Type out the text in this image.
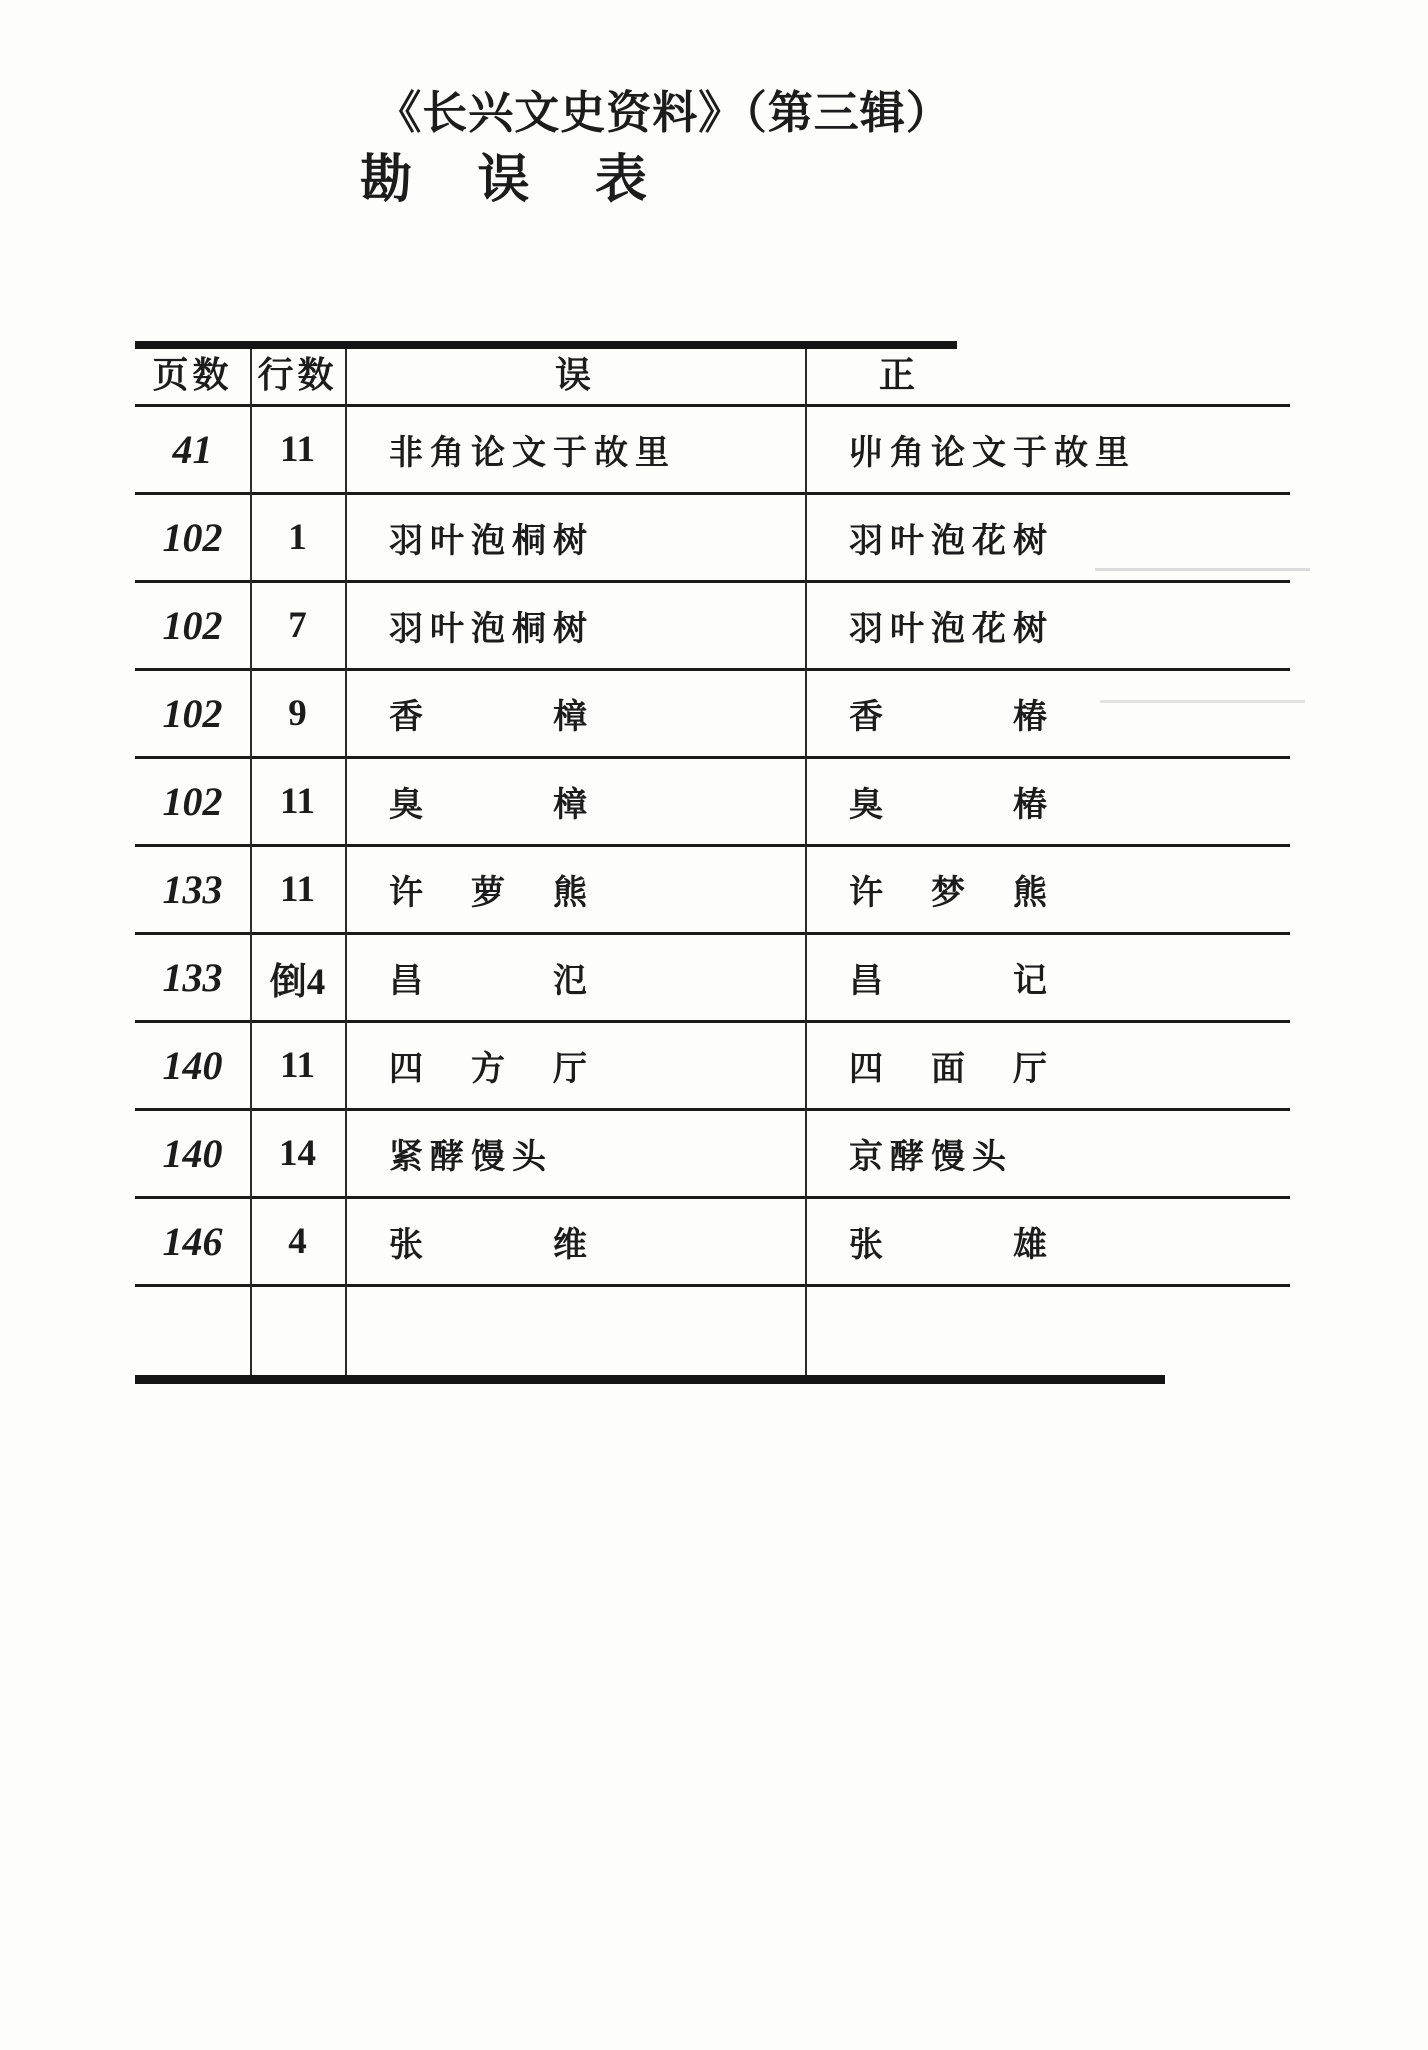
《长兴文史资料》（第三辑）
勘 误 表
页数 行数	误	正
41	11	非角论文于故里	丱角论文于故里
102	1	羽叶泡桐树	羽叶泡花树
102	7	羽叶泡桐树	羽叶泡花树
102	9	香　　　樟	香　　　椿
102	11	臭　　　樟	臭　　　椿
133	11	许　萝　熊	许　梦　熊
133	倒4	昌　　　氾	昌　　　记
140	11	四　方　厅	四　面　厅
140	14	紧酵馒头	京酵馒头
146	4	张　　　维	张　　　雄
